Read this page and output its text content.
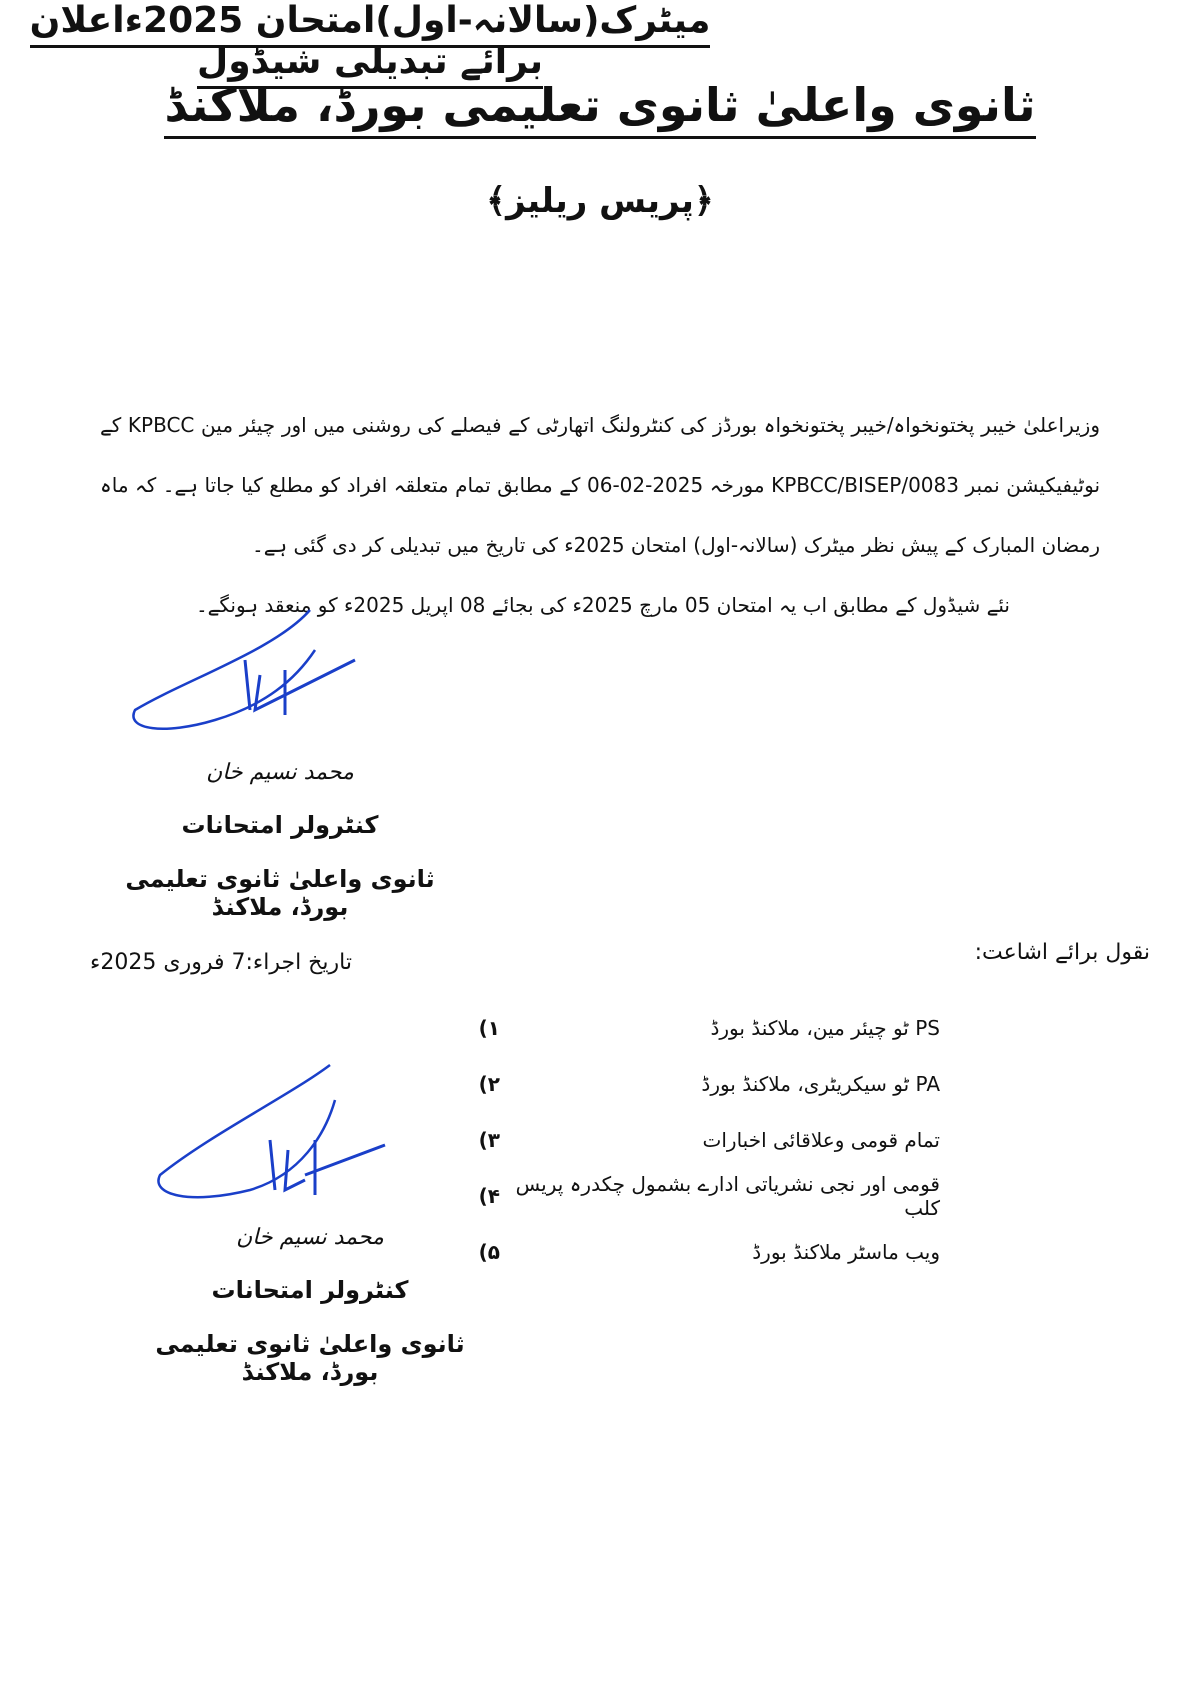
ثانوی واعلیٰ ثانوی تعلیمی بورڈ، ملاکنڈ
﴿پریس ریلیز﴾
میٹرک(سالانہ-اول)امتحان 2025ءاعلان برائے تبدیلی شیڈول
وزیراعلیٰ خیبر پختونخواہ/خیبر پختونخواہ بورڈز کی کنٹرولنگ اتھارٹی کے فیصلے کی روشنی میں اور چیئر مین KPBCC کے نوٹیفیکیشن نمبر 0083/KPBCC/BISEP مورخہ 2025-02-06 کے مطابق تمام متعلقہ افراد کو مطلع کیا جاتا ہے۔ کہ ماہ رمضان المبارک کے پیش نظر میٹرک (سالانہ-اول) امتحان 2025ء کی تاریخ میں تبدیلی کر دی گئی ہے۔
نئے شیڈول کے مطابق اب یہ امتحان 05 مارچ 2025ء کی بجائے 08 اپریل 2025ء کو منعقد ہونگے۔
محمد نسیم خان
کنٹرولر امتحانات
ثانوی واعلیٰ ثانوی تعلیمی بورڈ، ملاکنڈ
تاریخ اجراء:7 فروری 2025ء	نقول برائے اشاعت:
۱)	PS ٹو چیئر مین، ملاکنڈ بورڈ
۲)	PA ٹو سیکریٹری، ملاکنڈ بورڈ
۳)	تمام قومی وعلاقائی اخبارات
۴) قومی اور نجی نشریاتی ادارے بشمول چکدرہ پریس کلب
۵)	ویب ماسٹر ملاکنڈ بورڈ
محمد نسیم خان
کنٹرولر امتحانات
ثانوی واعلیٰ ثانوی تعلیمی بورڈ، ملاکنڈ
